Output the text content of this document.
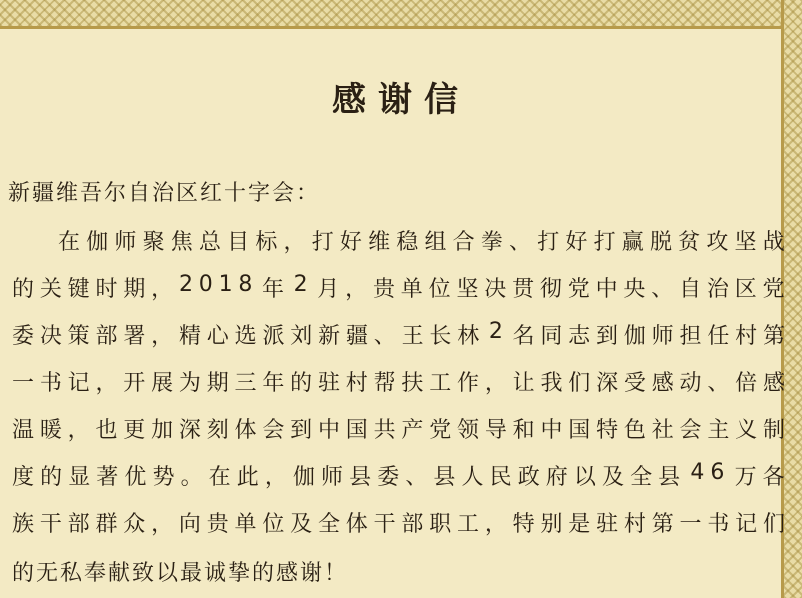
感谢信
新疆维吾尔自治区红十字会：
在 伽 师 聚 焦 总 目 标 ， 打 好 维 稳 组 合 拳 、 打 好 打 赢 脱 贫 攻 坚 战
的 关 键 时 期 ， 2 0 1 8 年 2 月 ， 贵 单 位 坚 决 贯 彻 党 中 央 、 自 治 区 党
委 决 策 部 署 ， 精 心 选 派 刘 新 疆 、 王 长 林 2 名 同 志 到 伽 师 担 任 村 第
一 书 记 ， 开 展 为 期 三 年 的 驻 村 帮 扶 工 作 ， 让 我 们 深 受 感 动 、 倍 感
温 暖 ， 也 更 加 深 刻 体 会 到 中 国 共 产 党 领 导 和 中 国 特 色 社 会 主 义 制
度 的 显 著 优 势 。 在 此 ， 伽 师 县 委 、 县 人 民 政 府 以 及 全 县 4 6 万 各
族 干 部 群 众 ， 向 贵 单 位 及 全 体 干 部 职 工 ， 特 别 是 驻 村 第 一 书 记 们
的无私奉献致以最诚挚的感谢！
